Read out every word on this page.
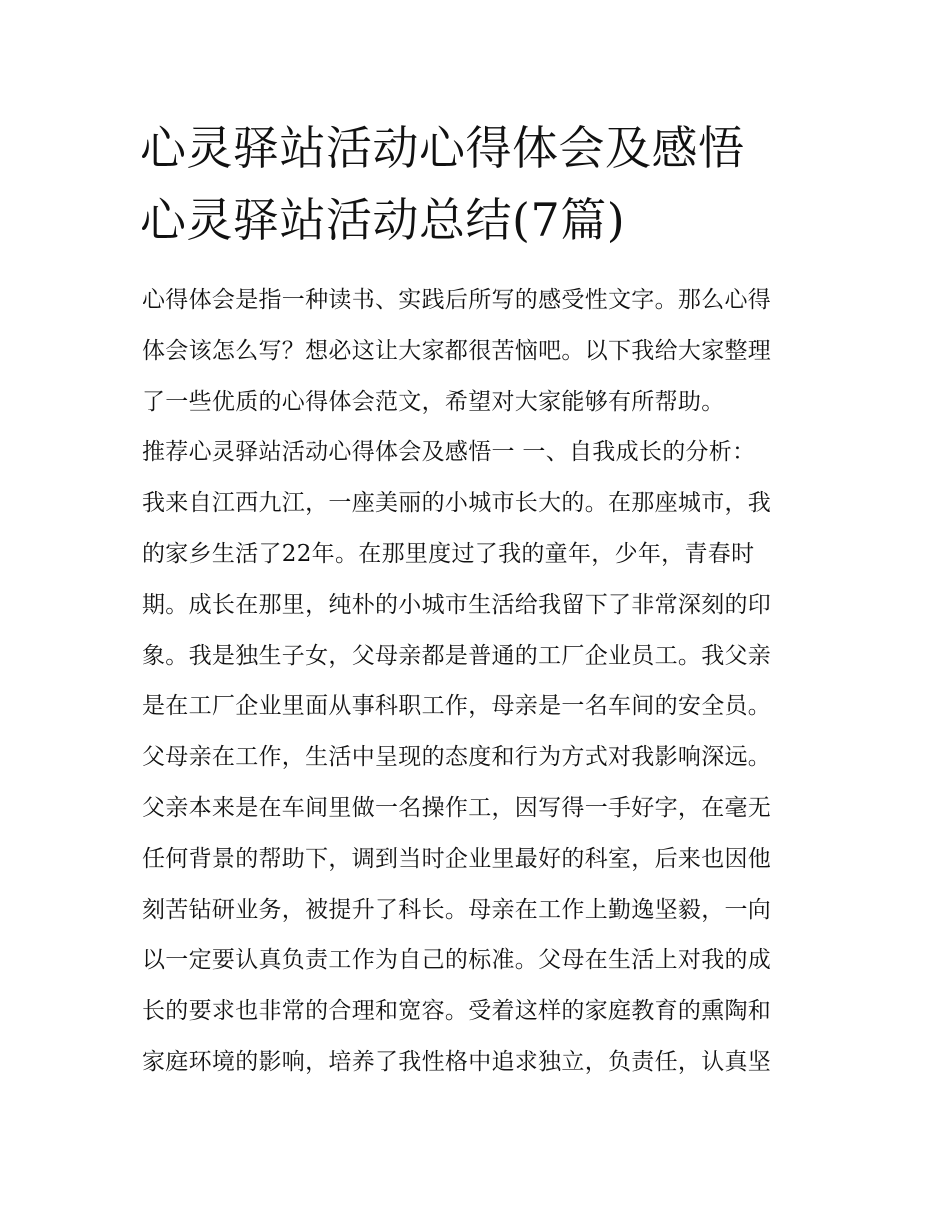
心灵驿站活动心得体会及感悟
心灵驿站活动总结(7篇)
心得体会是指一种读书、实践后所写的感受性文字。那么心得
体会该怎么写？想必这让大家都很苦恼吧。以下我给大家整理
了一些优质的心得体会范文，希望对大家能够有所帮助。
推荐心灵驿站活动心得体会及感悟一 一、自我成长的分析：
我来自江西九江，一座美丽的小城市长大的。在那座城市，我
的家乡生活了22年。在那里度过了我的童年，少年，青春时
期。成长在那里，纯朴的小城市生活给我留下了非常深刻的印
象。我是独生子女，父母亲都是普通的工厂企业员工。我父亲
是在工厂企业里面从事科职工作，母亲是一名车间的安全员。
父母亲在工作，生活中呈现的态度和行为方式对我影响深远。
父亲本来是在车间里做一名操作工，因写得一手好字，在毫无
任何背景的帮助下，调到当时企业里最好的科室，后来也因他
刻苦钻研业务，被提升了科长。母亲在工作上勤逸坚毅，一向
以一定要认真负责工作为自己的标准。父母在生活上对我的成
长的要求也非常的合理和宽容。受着这样的家庭教育的熏陶和
家庭环境的影响，培养了我性格中追求独立，负责任，认真坚
